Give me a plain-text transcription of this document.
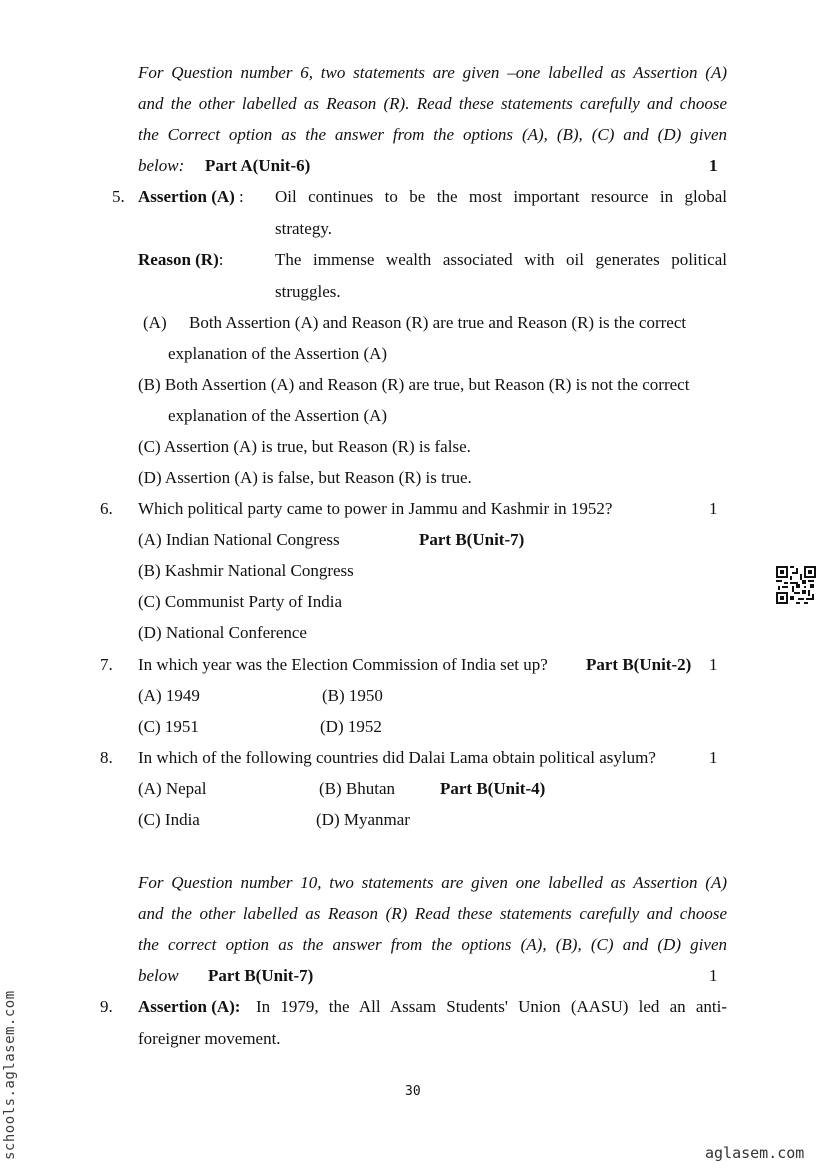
For Question number 6, two statements are given –one labelled as Assertion (A)
and the other labelled as Reason (R). Read these statements carefully and choose
the Correct option as the answer from the options (A), (B), (C) and (D) given
below: Part A(Unit-6)	1
5. Assertion (A) : Oil continues to be the most important resource in global
strategy.
Reason (R):	The immense wealth associated with oil generates political
struggles.
(A) Both Assertion (A) and Reason (R) are true and Reason (R) is the correct
explanation of the Assertion (A)
(B) Both Assertion (A) and Reason (R) are true, but Reason (R) is not the correct
explanation of the Assertion (A)
(C) Assertion (A) is true, but Reason (R) is false.
(D) Assertion (A) is false, but Reason (R) is true.
6. Which political party came to power in Jammu and Kashmir in 1952?	1
(A) Indian National Congress	Part B(Unit-7)
(B) Kashmir National Congress
(C) Communist Party of India
(D) National Conference
7. In which year was the Election Commission of India set up? Part B(Unit-2) 1
(A) 1949	(B) 1950
(C) 1951	(D) 1952
8. In which of the following countries did Dalai Lama obtain political asylum?	1
(A) Nepal	(B) Bhutan	Part B(Unit-4)
(C) India	(D) Myanmar
For Question number 10, two statements are given one labelled as Assertion (A)
and the other labelled as Reason (R) Read these statements carefully and choose
the correct option as the answer from the options (A), (B), (C) and (D) given
below Part B(Unit-7)	1
9. Assertion (A): In 1979, the All Assam Students' Union (AASU) led an anti-
foreigner movement.
30
aglasem.com
schools.aglasem.com
